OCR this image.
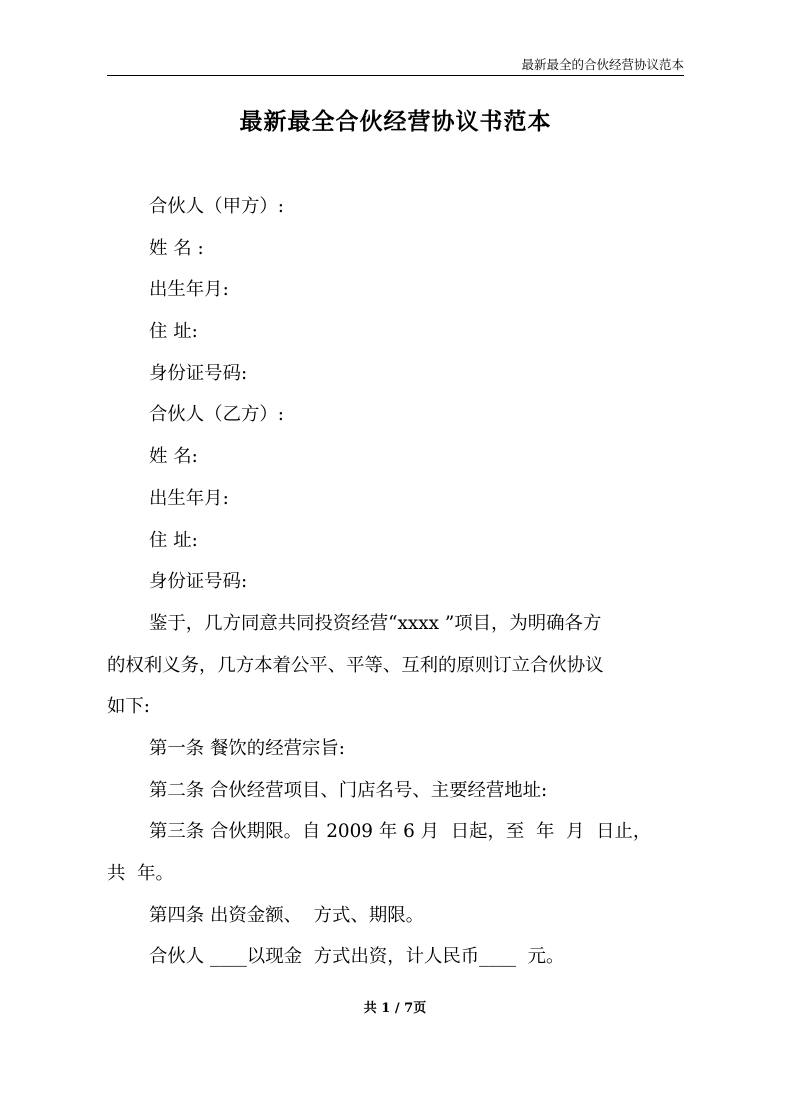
最新最全的合伙经营协议范本
最新最全合伙经营协议书范本
合伙人（甲方）:
姓 名 :
出生年月:
住 址:
身份证号码:
合伙人（乙方）:
姓 名:
出生年月:
住 址:
身份证号码:
鉴于，几方同意共同投资经营“xxxx ”项目，为明确各方
的权利义务，几方本着公平、平等、互利的原则订立合伙协议
如下:
第一条 餐饮的经营宗旨:
第二条 合伙经营项目、门店名号、主要经营地址:
第三条 合伙期限。自 2009 年 6 月  日起，至  年  月  日止，
共  年。
第四条 出资金额、  方式、期限。
合伙人 ____以现金  方式出资，计人民币____  元。
共 1 / 7页
